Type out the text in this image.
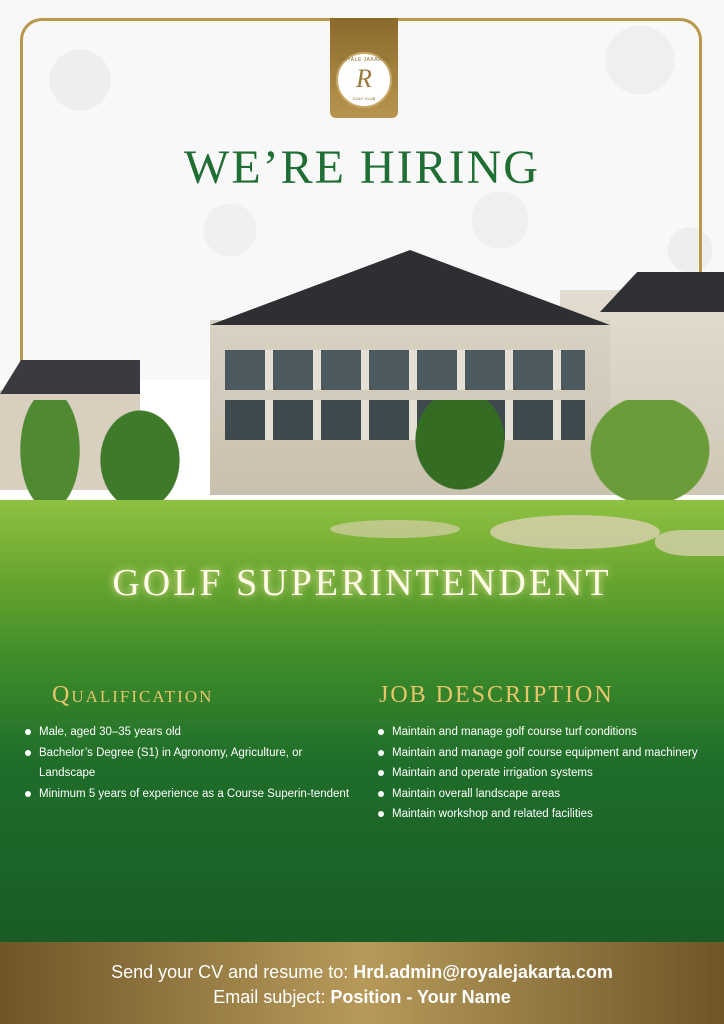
ROYALE JAKARTA
R
GOLF CLUB
WE’RE HIRING
GOLF SUPERINTENDENT
Qualification
Male, aged 30–35 years old
Bachelor’s Degree (S1) in Agronomy, Agriculture, or Landscape
Minimum 5 years of experience as a Course Superin-tendent
JOB DESCRIPTION
Maintain and manage golf course turf conditions
Maintain and manage golf course equipment and machinery
Maintain and operate irrigation systems
Maintain overall landscape areas
Maintain workshop and related facilities
Send your CV and resume to: Hrd.admin@royalejakarta.com
Email subject: Position - Your Name
